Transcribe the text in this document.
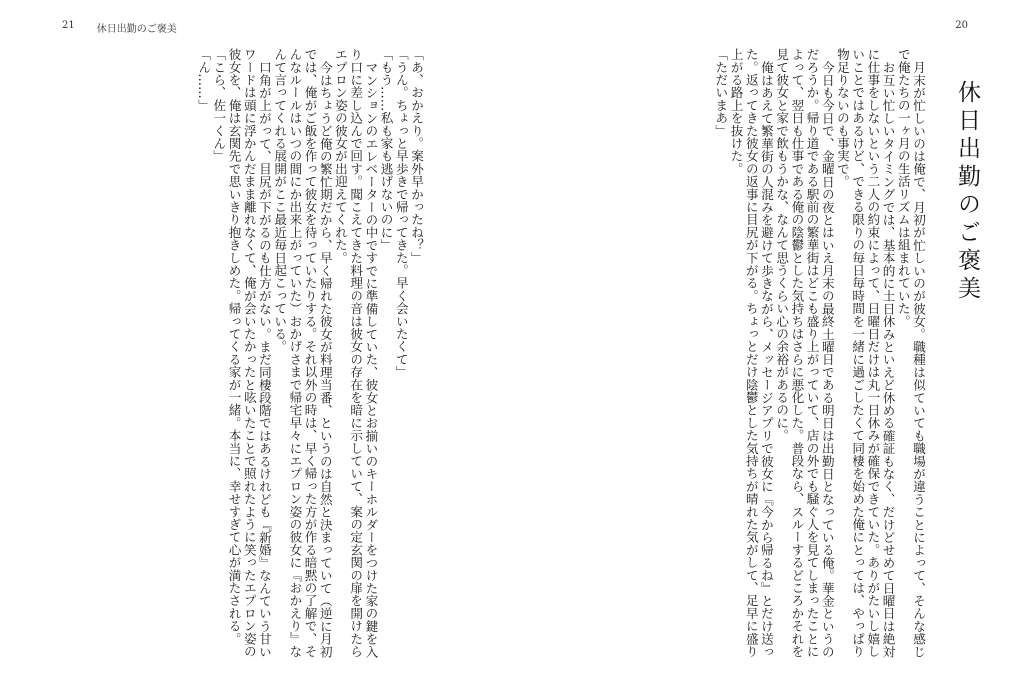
21 休日出勤のご褒美

「あ、おかえり。案外早かったね？」

「うん。ちょっと早歩きで帰ってきた。早く会いたくて」

「もう……私も家も逃げないのに」

マンションのエレベーターの中ですでに準備していた、彼女とお揃いのキーホルダーをつけた家の鍵を入り口に差し込んで回す。聞こえてきた料理の音は彼女の存在を暗に示していて、案の定玄関の扉を開けたらエプロン姿の彼女が出迎えてくれた。

今はちょうど俺の繁忙期だから、早く帰れた彼女が料理当番、というのは自然と決まっていて（逆に月初では、俺がご飯を作って彼女を待っていたりする。それ以外の時は、早く帰った方が作る暗黙の了解で、そんなルールはいつの間にか出来上がっていた）おかげさまで帰宅早々にエプロン姿の彼女に『おかえり』なんて言ってくれる展開がここ最近毎日起こっている。

口角が上がって、目尻が下がるのも仕方がない。まだ同棲段階ではあるけれども『新婚』なんていう甘いワードは頭に浮かんだまま離れなくて、俺が会いたかったと呟いたことで照れたように笑ったエプロン姿の彼女を、俺は玄関先で思いきり抱きしめた。帰ってくる家が一緒。本当に、幸せすぎて心が満たされる。

「こら、佐一くん」

「ん……」

20
休日出勤のご褒美

月末が忙しいのは俺で、月初が忙しいのが彼女。職種は似ていても職場が違うことによって、そんな感じで俺たちの一ヶ月の生活リズムは組まれていた。

お互い忙しいタイミングでは、基本的に土日休みといえど休める確証もなく、だけどせめて日曜日は絶対に仕事をしないという二人の約束によって、日曜日だけは丸一日休みが確保できていた。ありがたいし嬉しいことではあるけど、できる限りの毎日毎時間を一緒に過ごしたくて同棲を始めた俺にとっては、やっぱり物足りないのも事実で。

今日も今日で、金曜日の夜とはいえ月末の最終土曜日である明日は出勤日となっている俺。華金というのだろうか。帰り道である駅前の繁華街はどこも盛り上がっていて、店の外でも騒ぐ人を見てしまったことによって、翌日も仕事である俺の陰鬱とした気持ちはさらに悪化した。普段なら、スルーするどころかそれを見て彼女と家で飲もうかな、なんて思うくらい心の余裕があるのに。

俺はあえて繁華街の人混みを避けて歩きながら、メッセージアプリで彼女に『今から帰るね』とだけ送った。返ってきた彼女の返事に目尻が下がる。ちょっとだけ陰鬱とした気持ちが晴れた気がして、足早に盛り上がる路上を抜けた。

「ただいまあ」
